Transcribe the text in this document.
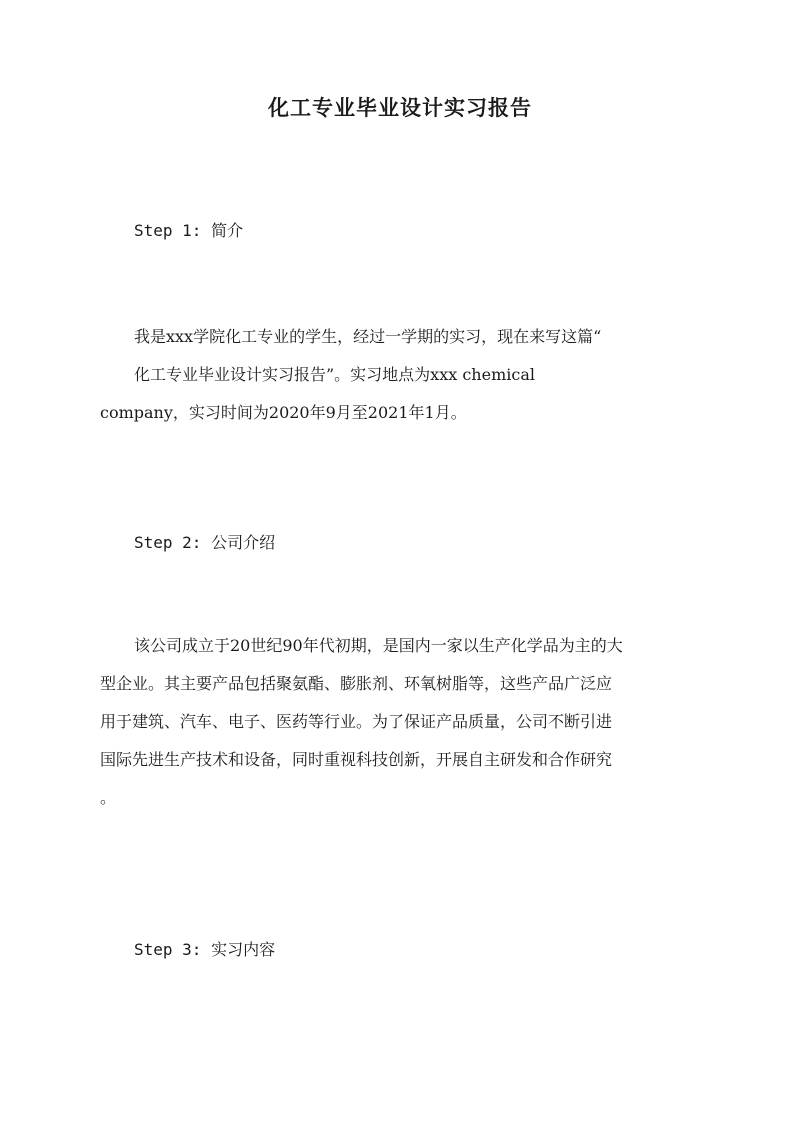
化工专业毕业设计实习报告
Step 1: 简介
我是xxx学院化工专业的学生，经过一学期的实习，现在来写这篇“
化工专业毕业设计实习报告”。实习地点为xxx chemical
company，实习时间为2020年9月至2021年1月。
Step 2: 公司介绍
该公司成立于20世纪90年代初期，是国内一家以生产化学品为主的大
型企业。其主要产品包括聚氨酯、膨胀剂、环氧树脂等，这些产品广泛应
用于建筑、汽车、电子、医药等行业。为了保证产品质量，公司不断引进
国际先进生产技术和设备，同时重视科技创新，开展自主研发和合作研究
。
Step 3: 实习内容
